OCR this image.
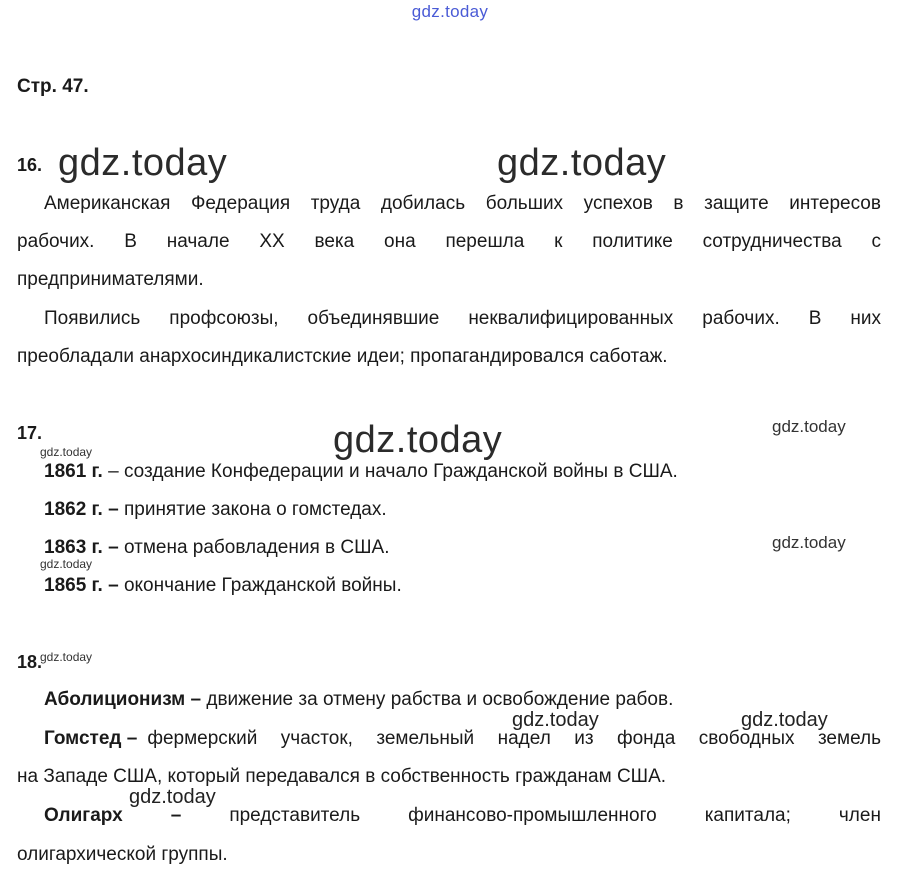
gdz.today
Стр. 47.
16. gdz.today	gdz.today
Американская Федерация труда добилась больших успехов в защите интересов
рабочих. В начале XX века она перешла к политике сотрудничества с
предпринимателями.
Появились профсоюзы, объединявшие неквалифицированных рабочих. В них
преобладали анархосиндикалистские идеи; пропагандировался саботаж.
17.	gdz.today	gdz.today
gdz.today
1861 г. – создание Конфедерации и начало Гражданской войны в США.
1862 г. – принятие закона о гомстедах.
gdz.today
1863 г. – отмена рабовладения в США.
gdz.today
1865 г. – окончание Гражданской войны.
18.
gdz.today
Аболиционизм – движение за отмену рабства и освобождение рабов.
gdz.today	gdz.today
Гомстед – фермерский участок, земельный надел из фонда свободных земель
на Западе США, который передавался в собственность гражданам США.
gdz.today
Олигарх	–	представитель	финансово-промышленного	капитала;	член
олигархической группы.
